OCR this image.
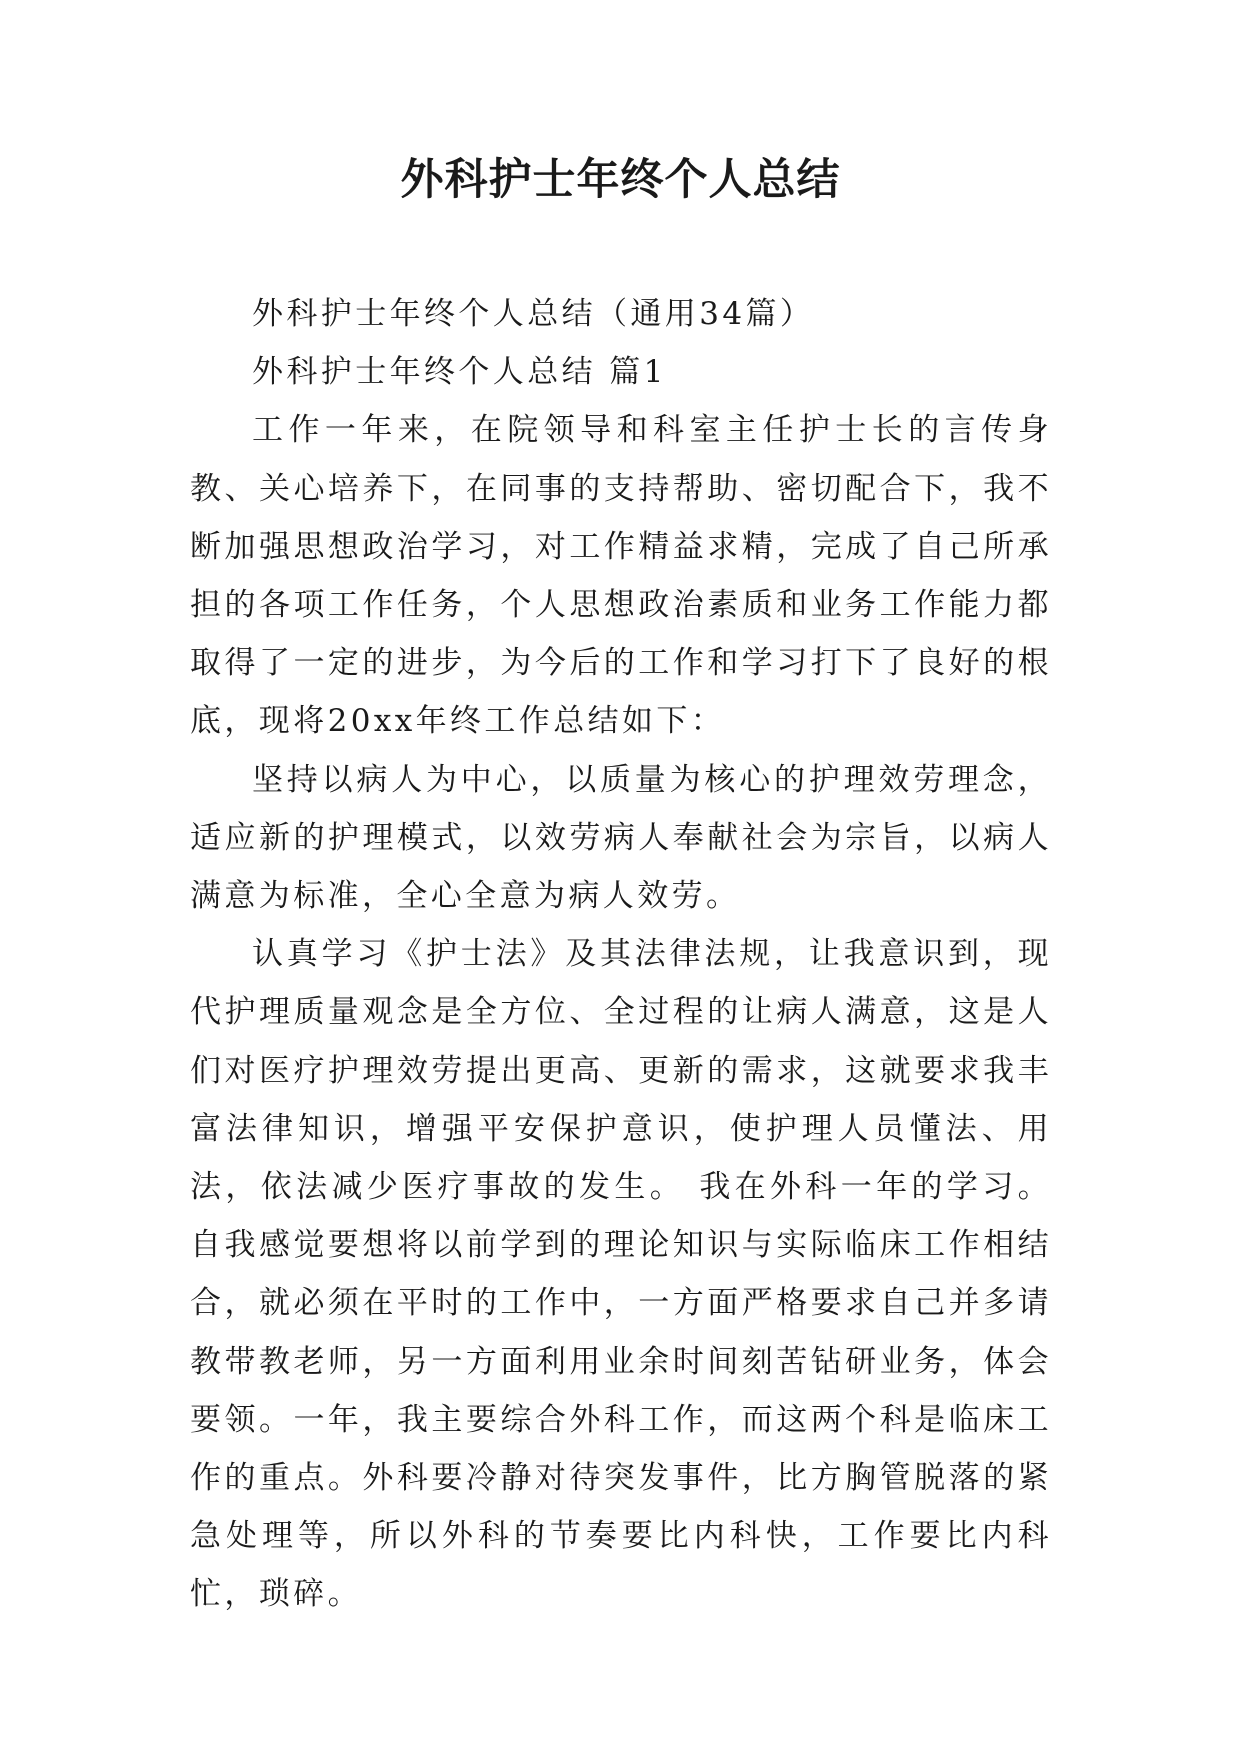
外科护士年终个人总结

外科护士年终个人总结（通用34篇）

外科护士年终个人总结 篇1

工作一年来，在院领导和科室主任护士长的言传身教、关心培养下，在同事的支持帮助、密切配合下，我不断加强思想政治学习，对工作精益求精，完成了自己所承担的各项工作任务，个人思想政治素质和业务工作能力都取得了一定的进步，为今后的工作和学习打下了良好的根底，现将20xx年终工作总结如下：

坚持以病人为中心，以质量为核心的护理效劳理念，适应新的护理模式，以效劳病人奉献社会为宗旨，以病人满意为标准，全心全意为病人效劳。

认真学习《护士法》及其法律法规，让我意识到，现代护理质量观念是全方位、全过程的让病人满意，这是人们对医疗护理效劳提出更高、更新的需求，这就要求我丰富法律知识，增强平安保护意识，使护理人员懂法、用法，依法减少医疗事故的发生。 我在外科一年的学习。自我感觉要想将以前学到的理论知识与实际临床工作相结合，就必须在平时的工作中，一方面严格要求自己并多请教带教老师，另一方面利用业余时间刻苦钻研业务，体会要领。一年，我主要综合外科工作，而这两个科是临床工作的重点。外科要冷静对待突发事件，比方胸管脱落的紧急处理等，所以外科的节奏要比内科快，工作要比内科忙，琐碎。
